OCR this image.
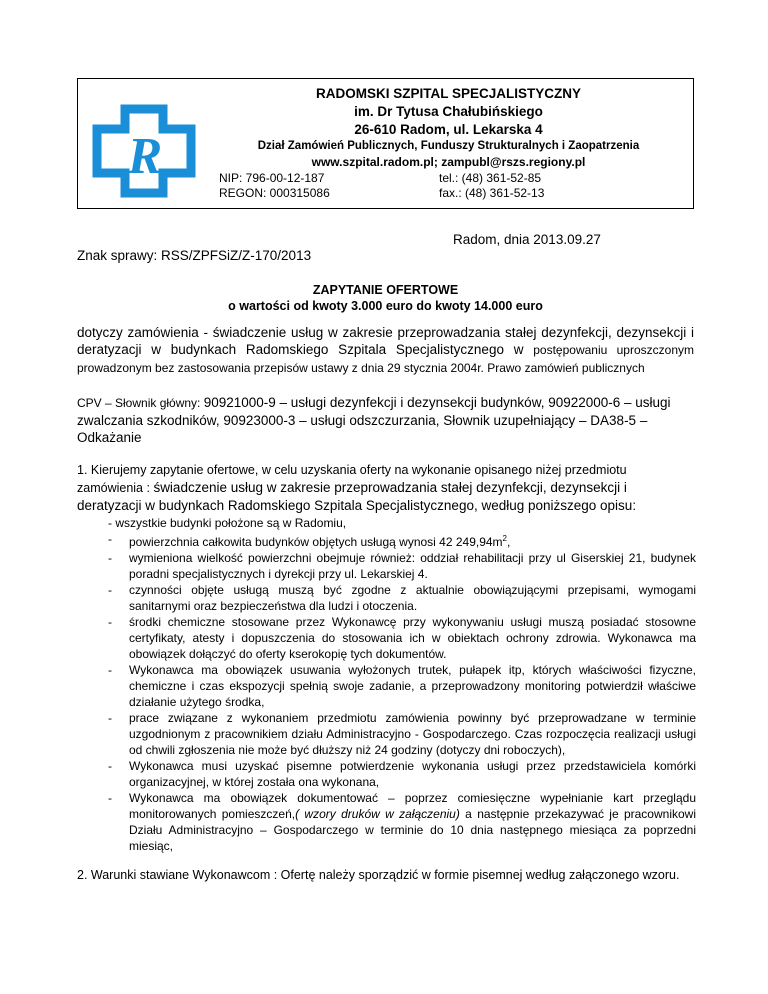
R
RADOMSKI SZPITAL SPECJALISTYCZNY
im. Dr Tytusa Chałubińskiego
26-610 Radom, ul. Lekarska 4
Dział Zamówień Publicznych, Funduszy Strukturalnych i Zaopatrzenia
www.szpital.radom.pl; zampubl@rszs.regiony.pl
NIP: 796-00-12-187	tel.: (48) 361-52-85
REGON: 000315086	fax.: (48) 361-52-13
Radom, dnia 2013.09.27
Znak sprawy: RSS/ZPFSiZ/Z-170/2013
ZAPYTANIE OFERTOWE
o wartości od kwoty 3.000 euro do kwoty 14.000 euro
dotyczy zamówienia - świadczenie usług w zakresie przeprowadzania stałej dezynfekcji, dezynsekcji i deratyzacji w budynkach Radomskiego Szpitala Specjalistycznego w postępowaniu uproszczonym prowadzonym bez zastosowania przepisów ustawy z dnia 29 stycznia 2004r. Prawo zamówień publicznych
CPV – Słownik główny: 90921000-9 – usługi dezynfekcji i dezynsekcji budynków, 90922000-6 – usługi zwalczania szkodników, 90923000-3 – usługi odszczurzania, Słownik uzupełniający – DA38-5 – Odkażanie
1. Kierujemy zapytanie ofertowe, w celu uzyskania oferty na wykonanie opisanego niżej przedmiotu zamówienia : świadczenie usług w zakresie przeprowadzania stałej dezynfekcji, dezynsekcji i deratyzacji w budynkach Radomskiego Szpitala Specjalistycznego, według poniższego opisu:
- wszystkie budynki położone są w Radomiu,
- powierzchnia całkowita budynków objętych usługą wynosi 42 $249,94m^2$,
- wymieniona wielkość powierzchni obejmuje również: oddział rehabilitacji przy ul Giserskiej 21, budynek poradni specjalistycznych i dyrekcji przy ul. Lekarskiej 4.
- czynności objęte usługą muszą być zgodne z aktualnie obowiązującymi przepisami, wymogami sanitarnymi oraz bezpieczeństwa dla ludzi i otoczenia.
- środki chemiczne stosowane przez Wykonawcę przy wykonywaniu usługi muszą posiadać stosowne certyfikaty, atesty i dopuszczenia do stosowania ich w obiektach ochrony zdrowia. Wykonawca ma obowiązek dołączyć do oferty kserokopię tych dokumentów.
- Wykonawca ma obowiązek usuwania wyłożonych trutek, pułapek itp, których właściwości fizyczne, chemiczne i czas ekspozycji spełnią swoje zadanie, a przeprowadzony monitoring potwierdził właściwe działanie użytego środka,
- prace związane z wykonaniem przedmiotu zamówienia powinny być przeprowadzane w terminie uzgodnionym z pracownikiem działu Administracyjno - Gospodarczego. Czas rozpoczęcia realizacji usługi od chwili zgłoszenia nie może być dłuższy niż 24 godziny (dotyczy dni roboczych),
- Wykonawca musi uzyskać pisemne potwierdzenie wykonania usługi przez przedstawiciela komórki organizacyjnej, w której została ona wykonana,
- Wykonawca ma obowiązek dokumentować – poprzez comiesięczne wypełnianie kart przeglądu monitorowanych pomieszczeń,( wzory druków w załączeniu) a następnie przekazywać je pracownikowi Działu Administracyjno – Gospodarczego w terminie do 10 dnia następnego miesiąca za poprzedni miesiąc,
2. Warunki stawiane Wykonawcom : Ofertę należy sporządzić w formie pisemnej według załączonego wzoru.
